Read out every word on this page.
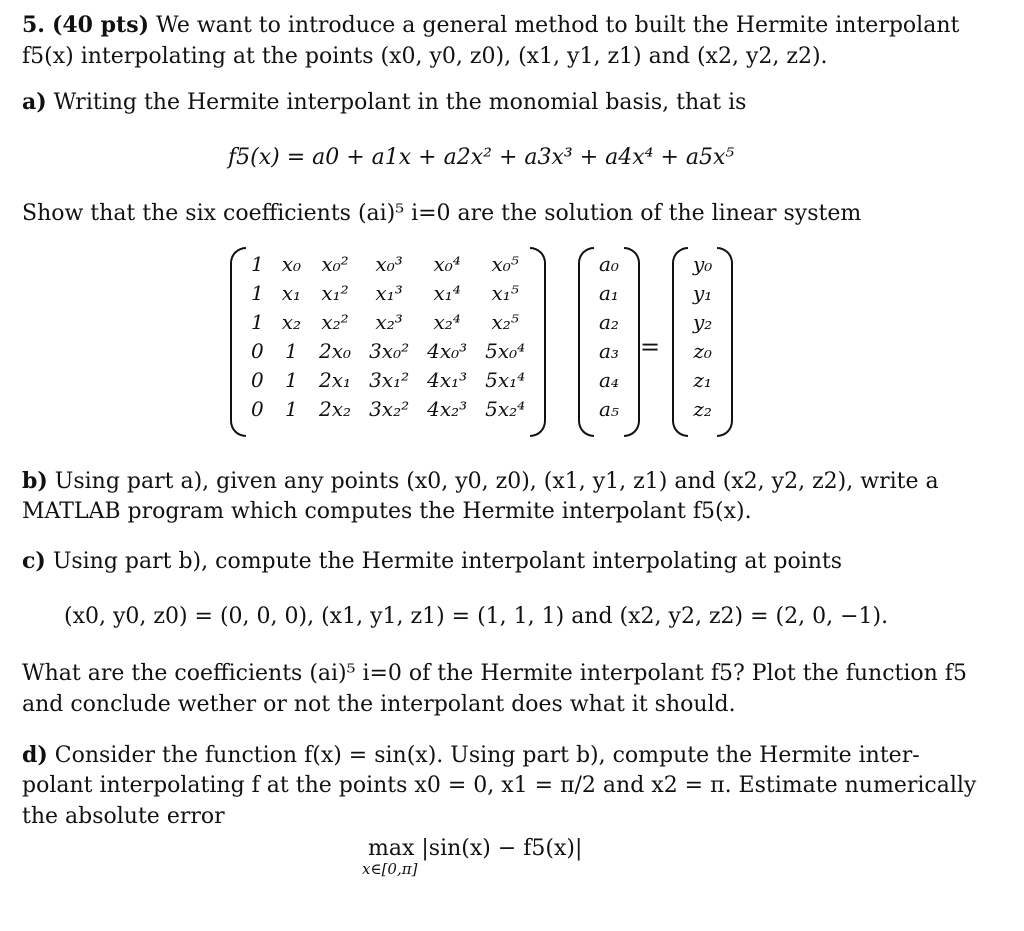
5. (40 pts) We want to introduce a general method to built the Hermite interpolant
f5(x) interpolating at the points (x0, y0, z0), (x1, y1, z1) and (x2, y2, z2).
a) Writing the Hermite interpolant in the monomial basis, that is
f5(x) = a0 + a1x + a2x² + a3x³ + a4x⁴ + a5x⁵
Show that the six coefficients (ai)⁵ i=0 are the solution of the linear system
1	x₀	x₀²	x₀³	x₀⁴	x₀⁵
1	x₁	x₁²	x₁³	x₁⁴	x₁⁵
1	x₂	x₂²	x₂³	x₂⁴	x₂⁵
0	1	2x₀	3x₀²	4x₀³	5x₀⁴
0	1	2x₁	3x₁²	4x₁³	5x₁⁴
0	1	2x₂	3x₂²	4x₂³	5x₂⁴
a₀
a₁
a₂
a₃
a₄
a₅
=
y₀
y₁
y₂
z₀
z₁
z₂
b) Using part a), given any points (x0, y0, z0), (x1, y1, z1) and (x2, y2, z2), write a
MATLAB program which computes the Hermite interpolant f5(x).
c) Using part b), compute the Hermite interpolant interpolating at points
(x0, y0, z0) = (0, 0, 0), (x1, y1, z1) = (1, 1, 1) and (x2, y2, z2) = (2, 0, −1).
What are the coefficients (ai)⁵ i=0 of the Hermite interpolant f5? Plot the function f5
and conclude wether or not the interpolant does what it should.
d) Consider the function f(x) = sin(x). Using part b), compute the Hermite inter-
polant interpolating f at the points x0 = 0, x1 = π/2 and x2 = π. Estimate numerically
the absolute error
max |sin(x) − f5(x)|
x∈[0,π]
